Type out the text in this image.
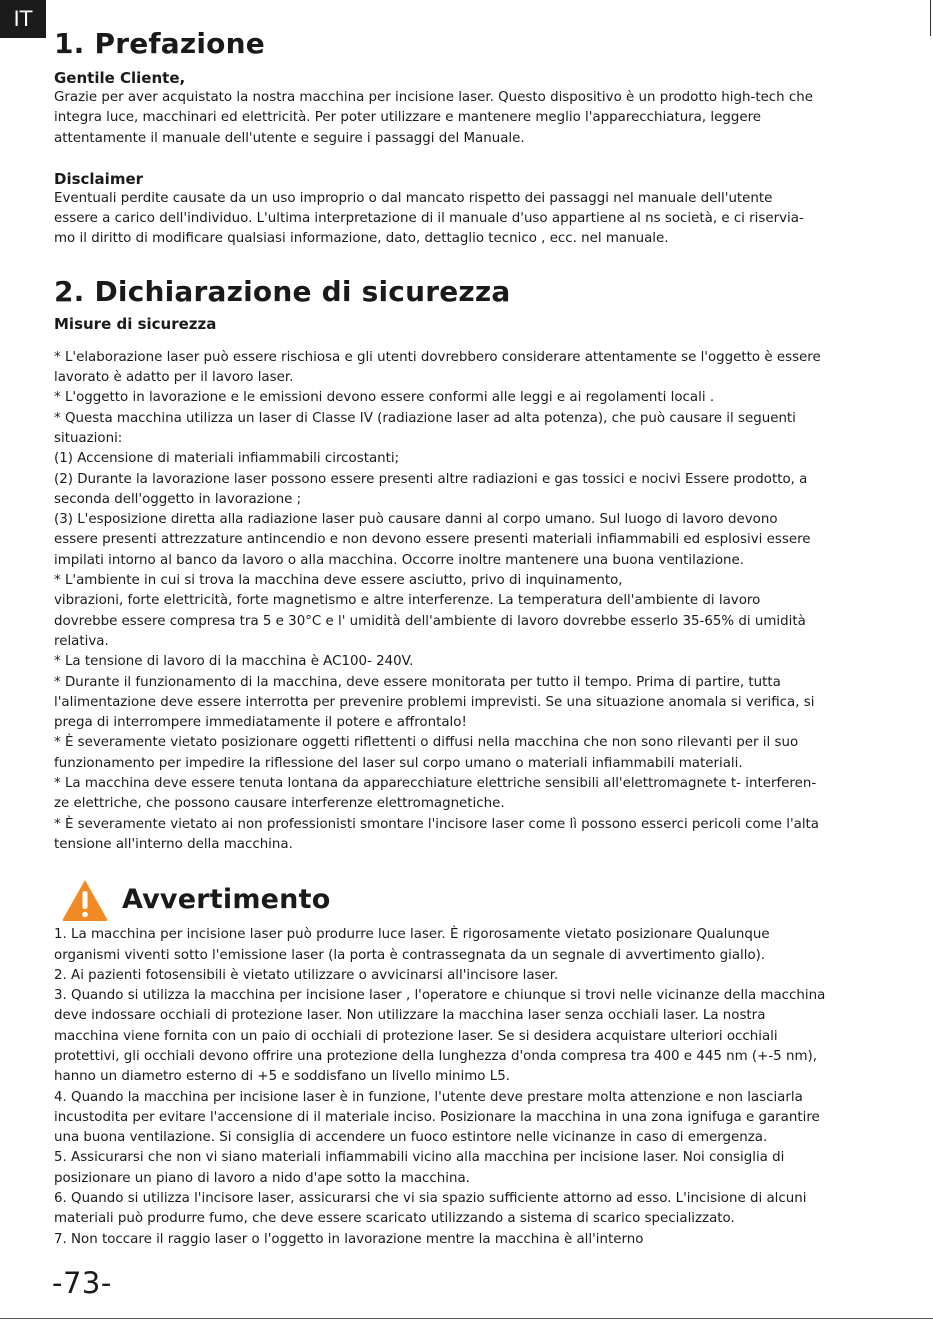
IT
1. Prefazione
Gentile Cliente,

Grazie per aver acquistato la nostra macchina per incisione laser. Questo dispositivo è un prodotto high-tech che
integra luce, macchinari ed elettricità. Per poter utilizzare e mantenere meglio l'apparecchiatura, leggere
attentamente il manuale dell'utente e seguire i passaggi del Manuale.

Disclaimer

Eventuali perdite causate da un uso improprio o dal mancato rispetto dei passaggi nel manuale dell'utente
essere a carico dell'individuo. L'ultima interpretazione di il manuale d'uso appartiene al ns società, e ci riservia-
mo il diritto di modificare qualsiasi informazione, dato, dettaglio tecnico , ecc. nel manuale.

2. Dichiarazione di sicurezza
Misure di sicurezza

* L'elaborazione laser può essere rischiosa e gli utenti dovrebbero considerare attentamente se l'oggetto è essere
lavorato è adatto per il lavoro laser.
* L'oggetto in lavorazione e le emissioni devono essere conformi alle leggi e ai regolamenti locali .
* Questa macchina utilizza un laser di Classe IV (radiazione laser ad alta potenza), che può causare il seguenti
situazioni:
(1) Accensione di materiali infiammabili circostanti;
(2) Durante la lavorazione laser possono essere presenti altre radiazioni e gas tossici e nocivi Essere prodotto, a
seconda dell'oggetto in lavorazione ;
(3) L'esposizione diretta alla radiazione laser può causare danni al corpo umano. Sul luogo di lavoro devono
essere presenti attrezzature antincendio e non devono essere presenti materiali infiammabili ed esplosivi essere
impilati intorno al banco da lavoro o alla macchina. Occorre inoltre mantenere una buona ventilazione.
* L'ambiente in cui si trova la macchina deve essere asciutto, privo di inquinamento,
vibrazioni, forte elettricità, forte magnetismo e altre interferenze. La temperatura dell'ambiente di lavoro
dovrebbe essere compresa tra 5 e 30°C e l' umidità dell'ambiente di lavoro dovrebbe esserlo 35-65% di umidità
relativa.
* La tensione di lavoro di la macchina è AC100- 240V.
* Durante il funzionamento di la macchina, deve essere monitorata per tutto il tempo. Prima di partire, tutta
l'alimentazione deve essere interrotta per prevenire problemi imprevisti. Se una situazione anomala si verifica, si
prega di interrompere immediatamente il potere e affrontalo!
* È severamente vietato posizionare oggetti riflettenti o diffusi nella macchina che non sono rilevanti per il suo
funzionamento per impedire la riflessione del laser sul corpo umano o materiali infiammabili materiali.
* La macchina deve essere tenuta lontana da apparecchiature elettriche sensibili all'elettromagnete t- interferen-
ze elettriche, che possono causare interferenze elettromagnetiche.
* È severamente vietato ai non professionisti smontare l'incisore laser come lì possono esserci pericoli come l'alta
tensione all'interno della macchina.

Avvertimento

1. La macchina per incisione laser può produrre luce laser. È rigorosamente vietato posizionare Qualunque
organismi viventi sotto l'emissione laser (la porta è contrassegnata da un segnale di avvertimento giallo).
2. Ai pazienti fotosensibili è vietato utilizzare o avvicinarsi all'incisore laser.
3. Quando si utilizza la macchina per incisione laser , l'operatore e chiunque si trovi nelle vicinanze della macchina
deve indossare occhiali di protezione laser. Non utilizzare la macchina laser senza occhiali laser. La nostra
macchina viene fornita con un paio di occhiali di protezione laser. Se si desidera acquistare ulteriori occhiali
protettivi, gli occhiali devono offrire una protezione della lunghezza d'onda compresa tra 400 e 445 nm (+-5 nm),
hanno un diametro esterno di +5 e soddisfano un livello minimo L5.
4. Quando la macchina per incisione laser è in funzione, l'utente deve prestare molta attenzione e non lasciarla
incustodita per evitare l'accensione di il materiale inciso. Posizionare la macchina in una zona ignifuga e garantire
una buona ventilazione. Si consiglia di accendere un fuoco estintore nelle vicinanze in caso di emergenza.
5. Assicurarsi che non vi siano materiali infiammabili vicino alla macchina per incisione laser. Noi consiglia di
posizionare un piano di lavoro a nido d'ape sotto la macchina.
6. Quando si utilizza l'incisore laser, assicurarsi che vi sia spazio sufficiente attorno ad esso. L'incisione di alcuni
materiali può produrre fumo, che deve essere scaricato utilizzando a sistema di scarico specializzato.
7. Non toccare il raggio laser o l'oggetto in lavorazione mentre la macchina è all'interno

-73-
